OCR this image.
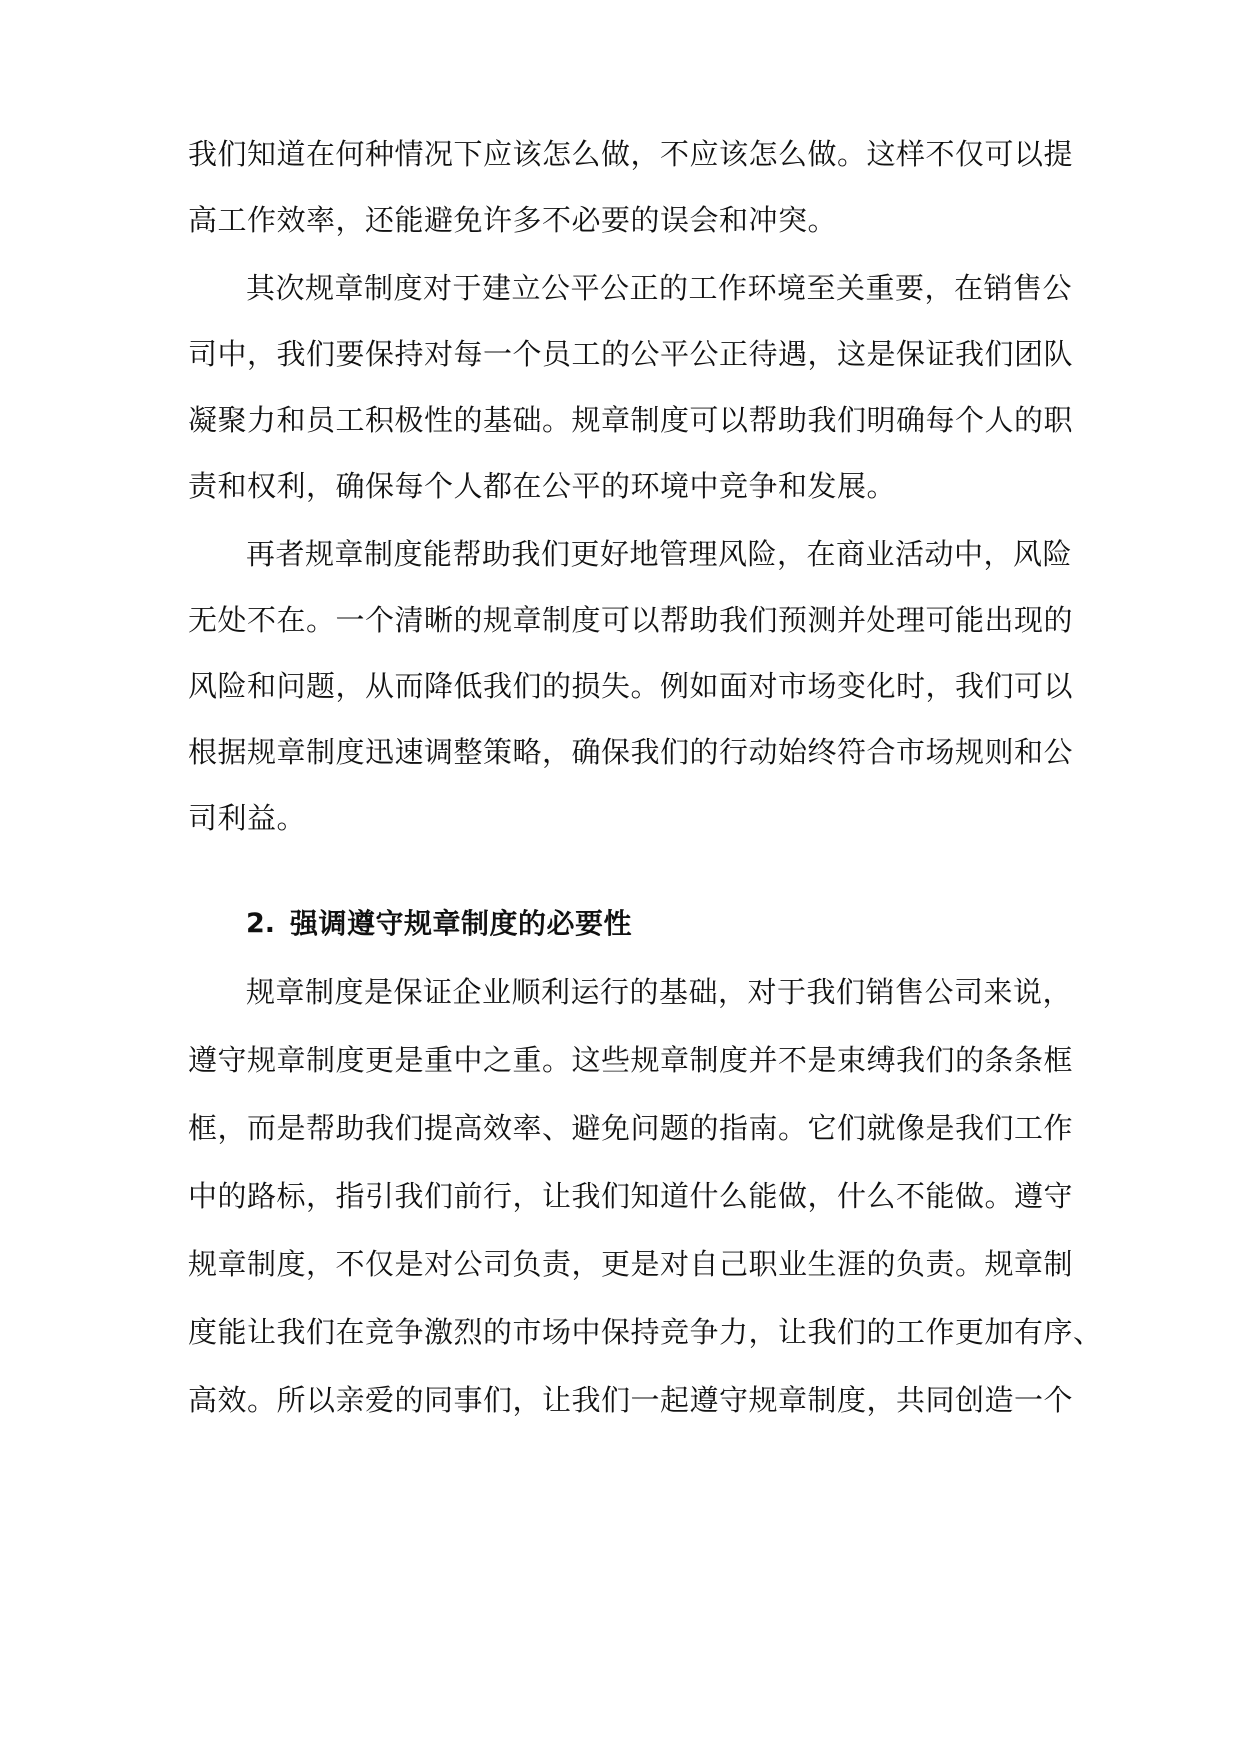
我们知道在何种情况下应该怎么做，不应该怎么做。这样不仅可以提

高工作效率，还能避免许多不必要的误会和冲突。

其次规章制度对于建立公平公正的工作环境至关重要，在销售公

司中，我们要保持对每一个员工的公平公正待遇，这是保证我们团队

凝聚力和员工积极性的基础。规章制度可以帮助我们明确每个人的职

责和权利，确保每个人都在公平的环境中竞争和发展。

再者规章制度能帮助我们更好地管理风险，在商业活动中，风险

无处不在。一个清晰的规章制度可以帮助我们预测并处理可能出现的

风险和问题，从而降低我们的损失。例如面对市场变化时，我们可以

根据规章制度迅速调整策略，确保我们的行动始终符合市场规则和公

司利益。

2. 强调遵守规章制度的必要性

规章制度是保证企业顺利运行的基础，对于我们销售公司来说，

遵守规章制度更是重中之重。这些规章制度并不是束缚我们的条条框

框，而是帮助我们提高效率、避免问题的指南。它们就像是我们工作

中的路标，指引我们前行，让我们知道什么能做，什么不能做。遵守

规章制度，不仅是对公司负责，更是对自己职业生涯的负责。规章制

度能让我们在竞争激烈的市场中保持竞争力，让我们的工作更加有序、

高效。所以亲爱的同事们，让我们一起遵守规章制度，共同创造一个
